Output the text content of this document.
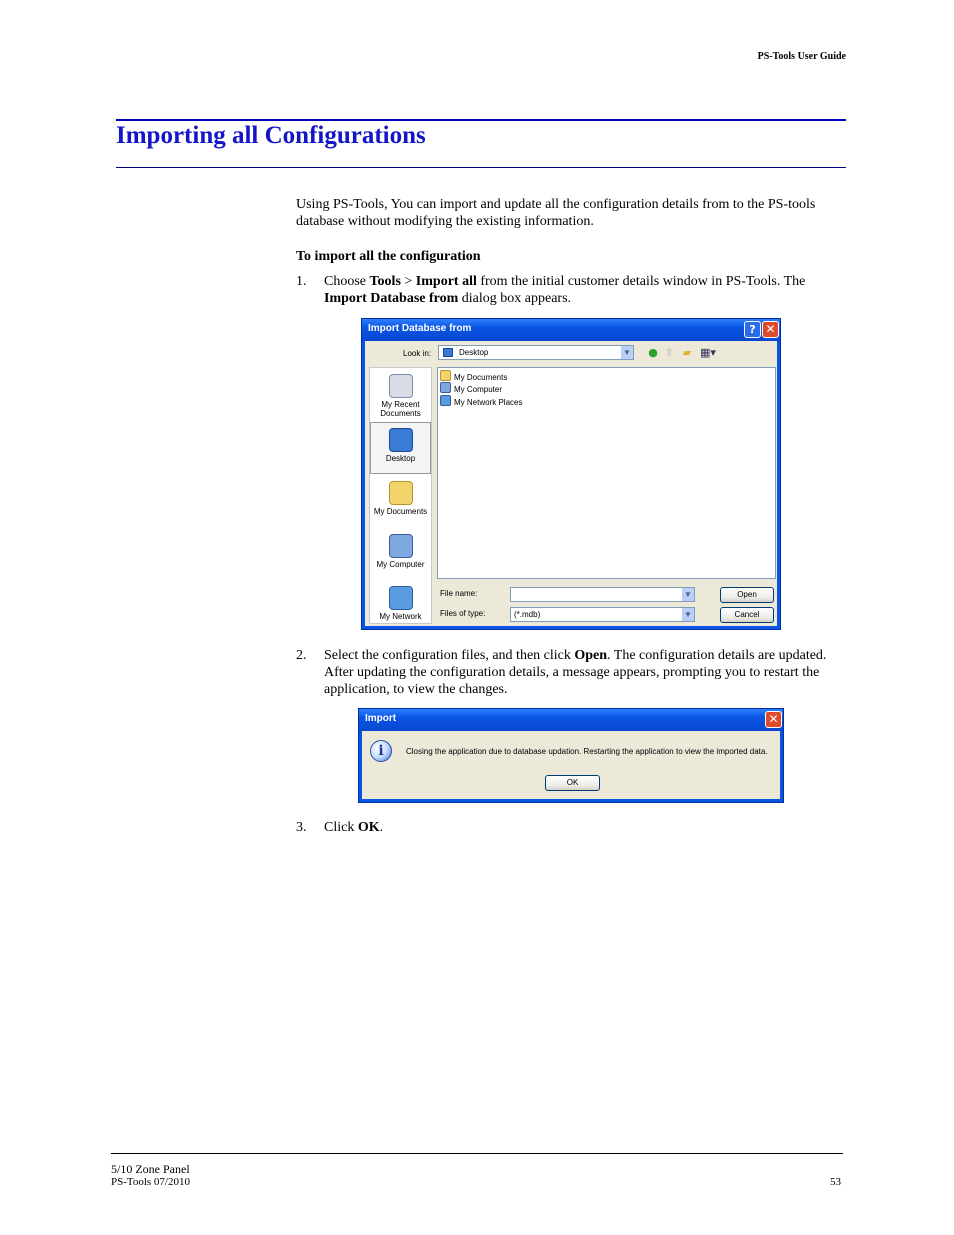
PS-Tools User Guide
Importing all Configurations
Using PS-Tools, You can import and update all the configuration details from to the PS-tools database without modifying the existing information.
To import all the configuration
1. Choose Tools > Import all from the initial customer details window in PS-Tools. The Import Database from dialog box appears.
Import Database from	? ✕
Look in:	Desktop	▼ ● ⇧ ▰ ▦▾
My Recent Documents
Desktop
My Documents
My Computer
My Network
My Documents
My Computer
My Network Places
File name:	▼
Files of type:	(*.mdb)	▼
Open
Cancel
2. Select the configuration files, and then click Open. The configuration details are updated. After updating the configuration details, a message appears, prompting you to restart the application, to view the changes.
Import	✕
i	Closing the application due to database updation. Restarting the application to view the imported data.
OK
3. Click OK.
5/10 Zone Panel
PS-Tools 07/2010	53
